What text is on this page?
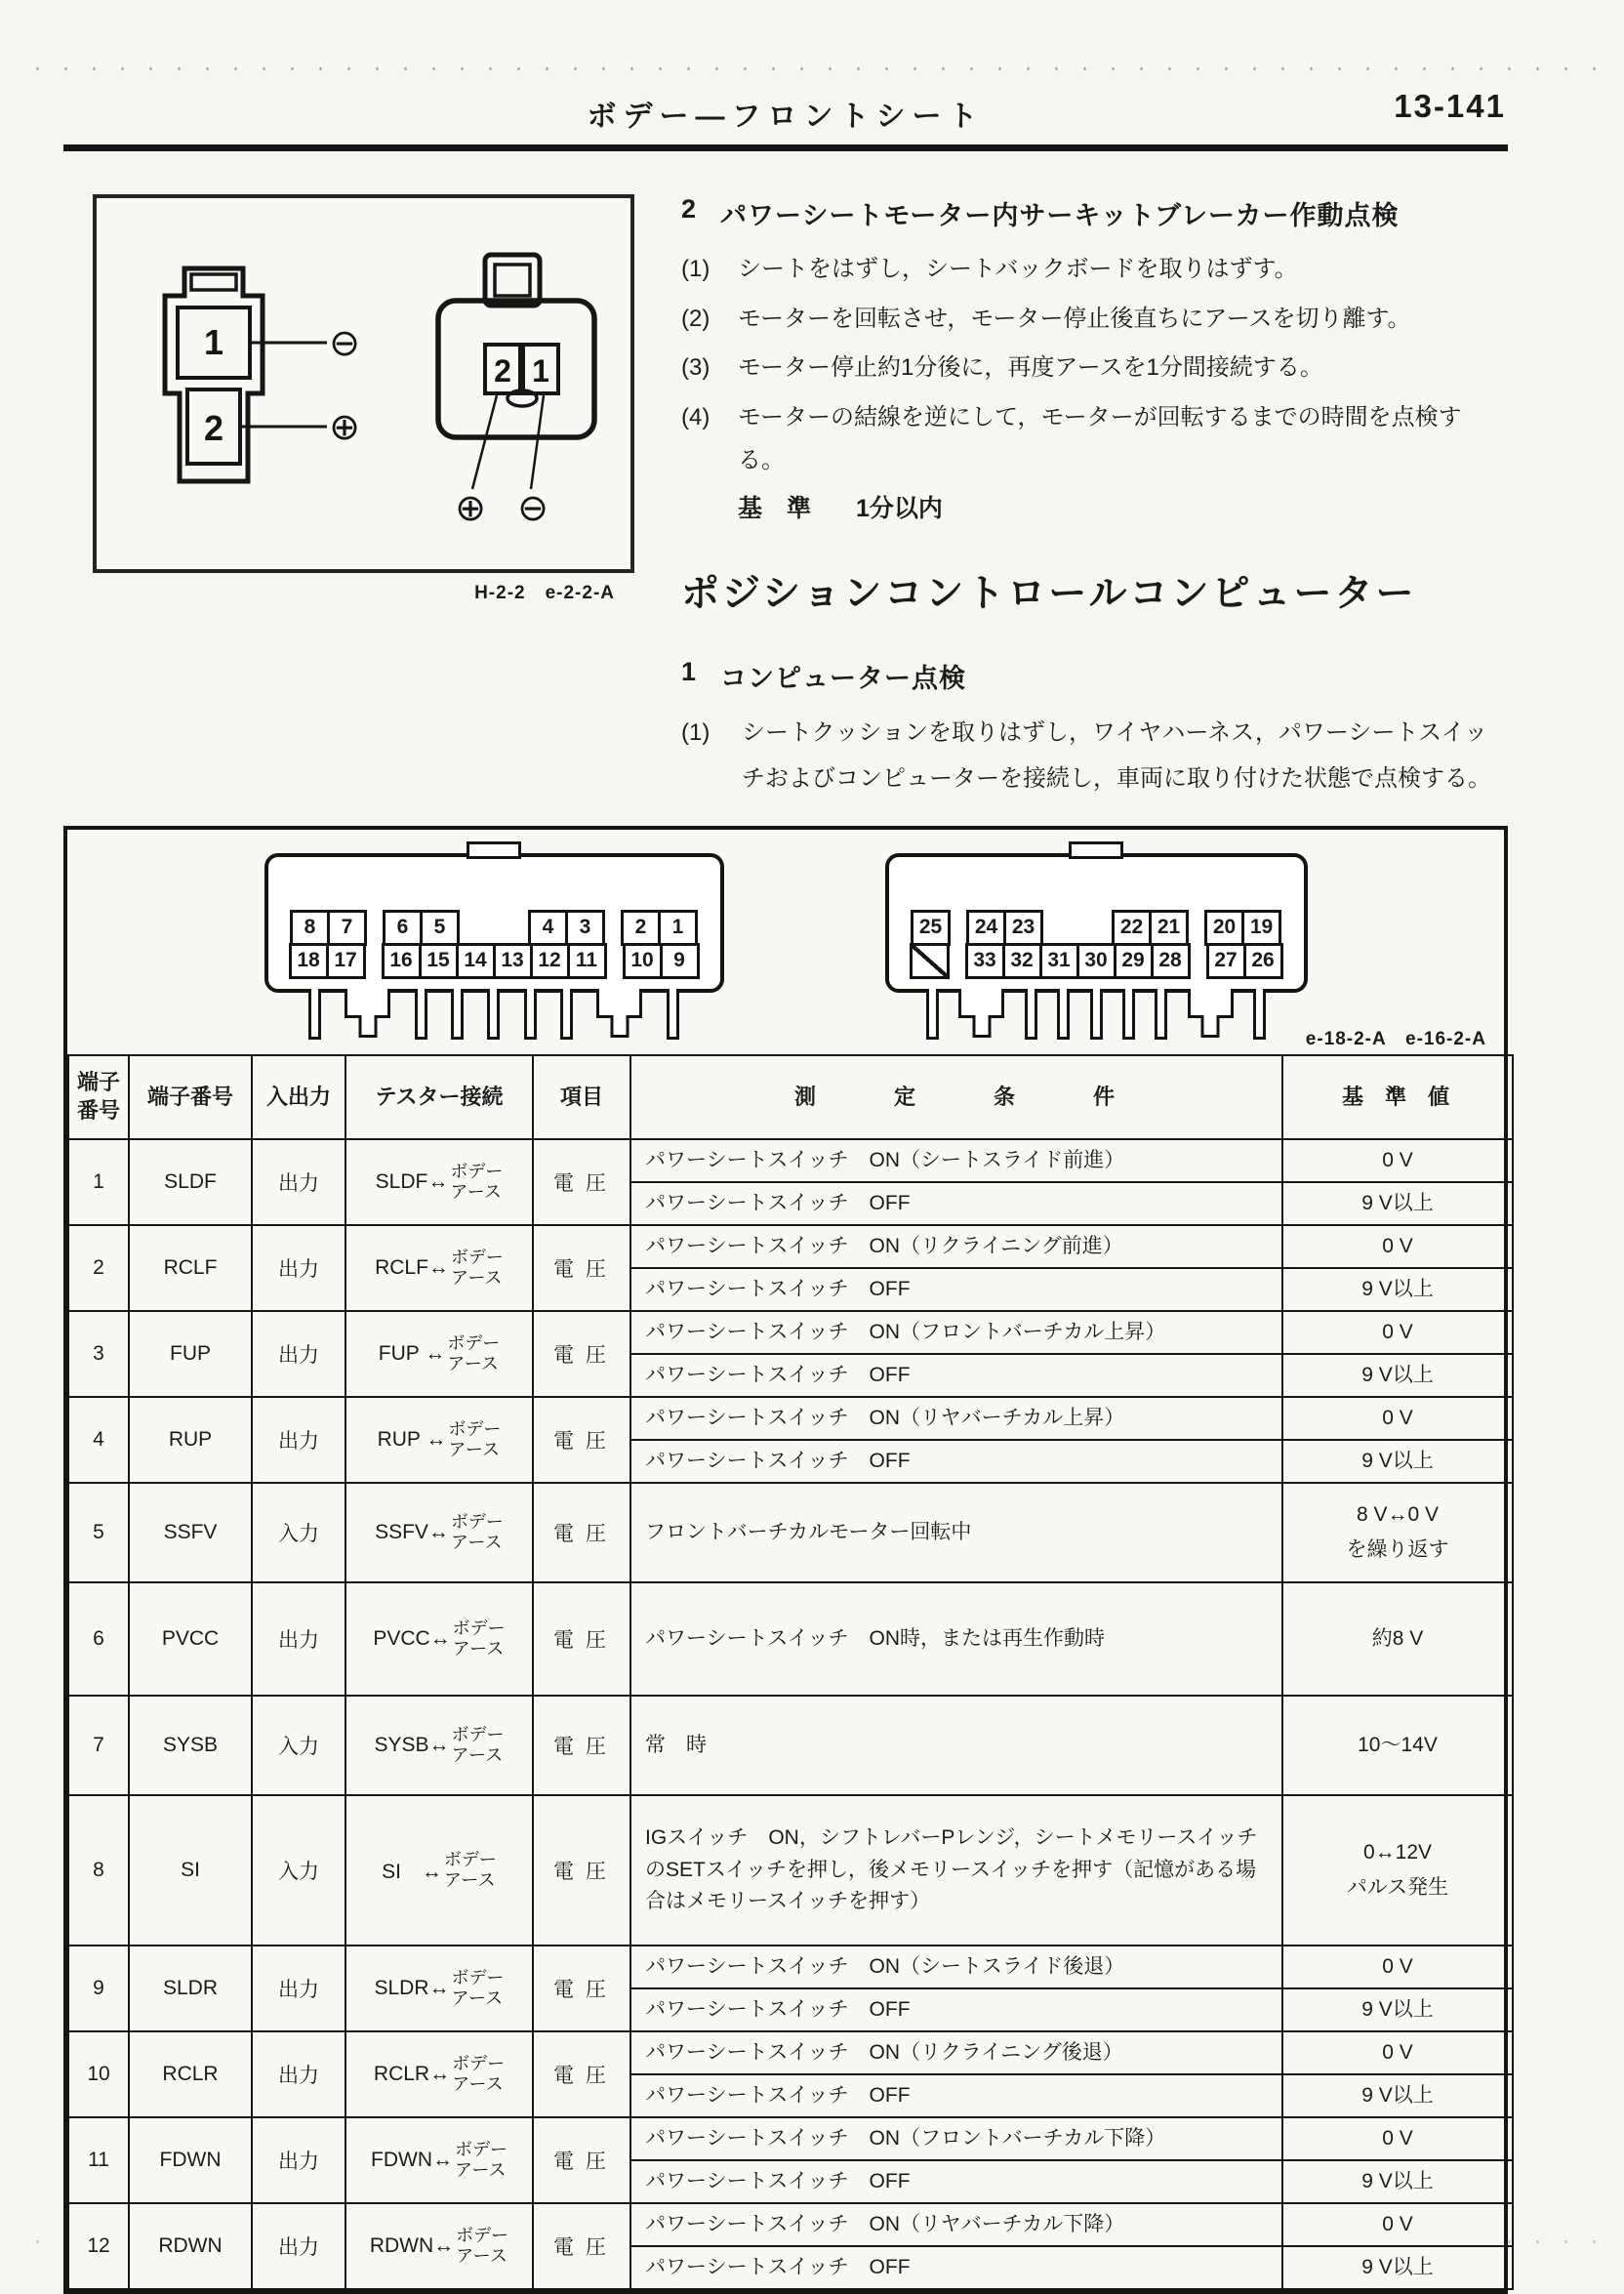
ボデー—フロントシート	13-141
1
2
⊖
⊕
2 1
⊕ ⊖
H-2-2　e-2-2-A
2 パワーシートモーター内サーキットブレーカー作動点検
(1)	シートをはずし，シートバックボードを取りはずす。
(2)	モーターを回転させ，モーター停止後直ちにアースを切り離す。
(3)	モーター停止約1分後に，再度アースを1分間接続する。
(4)	モーターの結線を逆にして，モーターが回転するまでの時間を点検する。
基　準 1分以内
ポジションコントロールコンピューター
1 コンピューター点検
(1)	シートクッションを取りはずし，ワイヤハーネス，パワーシートスイッチおよびコンピューターを接続し，車両に取り付けた状態で点検する。
8	7	6	5	4	3	2	1
18 17	16 15 14 13 12 11	10 9
25	24 23	22 21	20 19
33 32 31 30 29 28	27 26
e-18-2-A　e-16-2-A
端子番号	端子番号	入出力	テスター接続	項目	測定条件	基準値
1	SLDF	出力	SLDF↔ ボデー
アース	電圧	パワーシートスイッチ　ON（シートスライド前進）	0 V

					パワーシートスイッチ　OFF	9 V以上

2	RCLF	出力	RCLF↔ ボデー
アース	電圧	パワーシートスイッチ　ON（リクライニング前進）	0 V

					パワーシートスイッチ　OFF	9 V以上

3	FUP	出力	FUP ↔ ボデー
アース	電圧	パワーシートスイッチ　ON（フロントバーチカル上昇）	0 V

					パワーシートスイッチ　OFF	9 V以上

4	RUP	出力	RUP ↔ ボデー
アース	電圧	パワーシートスイッチ　ON（リヤバーチカル上昇）	0 V

					パワーシートスイッチ　OFF	9 V以上

5	SSFV	入力	SSFV↔ ボデー
アース	電圧	フロントバーチカルモーター回転中	
8 V↔0 V
を繰り返す

6	PVCC	出力	PVCC↔ ボデー
アース	電圧	パワーシートスイッチ　ON時，または再生作動時	約8 V

7	SYSB	入力	SYSB↔ ボデー
アース	電圧	常　時	10～14V

8	SI	入力	SI　↔
ボデー
アース	電圧	IGスイッチ　ON，シフトレバーPレンジ，シートメモリースイッチのSETスイッチを押し，後メモリースイッチを押す（記憶がある場合はメモリースイッチを押す）	
0↔12V
パルス発生

9	SLDR	出力	SLDR↔ ボデー
アース	電圧	パワーシートスイッチ　ON（シートスライド後退）	0 V

					パワーシートスイッチ　OFF	9 V以上

10	RCLR	出力	RCLR↔ ボデー
アース	電圧	パワーシートスイッチ　ON（リクライニング後退）	0 V

					パワーシートスイッチ　OFF	9 V以上

11	FDWN	出力	FDWN↔ ボデー
アース	電圧	パワーシートスイッチ　ON（フロントバーチカル下降）	0 V

					パワーシートスイッチ　OFF	9 V以上

12	RDWN	出力	RDWN↔ ボデー
アース	電圧	パワーシートスイッチ　ON（リヤバーチカル下降）	0 V

					パワーシートスイッチ　OFF	9 V以上
